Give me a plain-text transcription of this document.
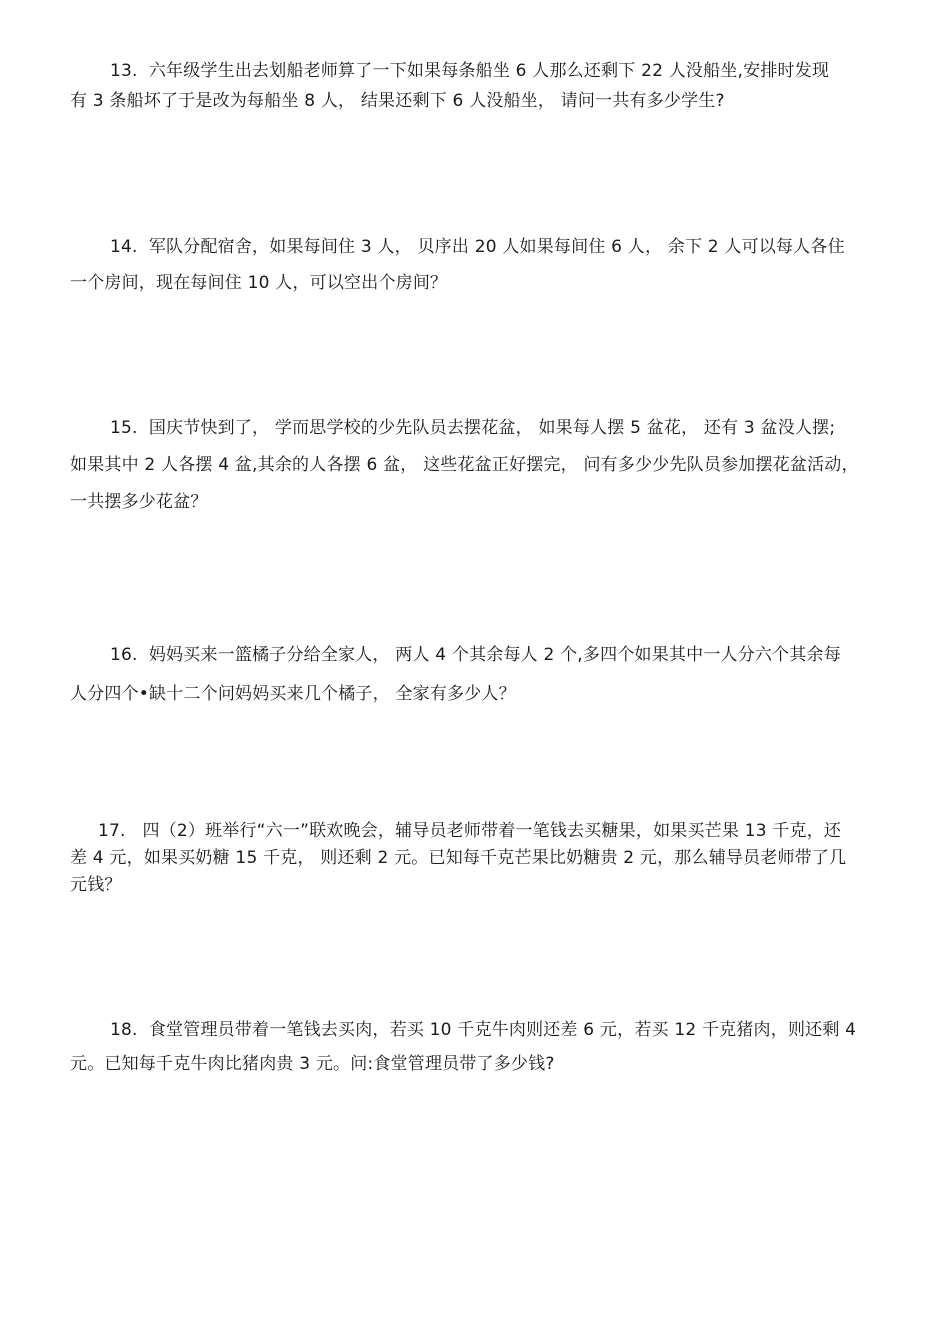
13. 六年级学生出去划船老师算了一下如果每条船坐 6 人那么还剩下 22 人没船坐,安排时发现
有 3 条船坏了于是改为每船坐 8 人， 结果还剩下 6 人没船坐， 请问一共有多少学生?
14. 军队分配宿舍，如果每间住 3 人， 贝序出 20 人如果每间住 6 人， 余下 2 人可以每人各住
一个房间，现在每间住 10 人，可以空出个房间？
15. 国庆节快到了， 学而思学校的少先队员去摆花盆， 如果每人摆 5 盆花， 还有 3 盆没人摆;
如果其中 2 人各摆 4 盆,其余的人各摆 6 盆， 这些花盆正好摆完， 问有多少少先队员参加摆花盆活动，
一共摆多少花盆？
16. 妈妈买来一篮橘子分给全家人， 两人 4 个其余每人 2 个,多四个如果其中一人分六个其余每
人分四个•缺十二个问妈妈买来几个橘子， 全家有多少人？
17. 四（2）班举行“六一”联欢晚会，辅导员老师带着一笔钱去买糖果，如果买芒果 13 千克，还
差 4 元，如果买奶糖 15 千克， 则还剩 2 元。已知每千克芒果比奶糖贵 2 元，那么辅导员老师带了几
元钱？
18. 食堂管理员带着一笔钱去买肉，若买 10 千克牛肉则还差 6 元，若买 12 千克猪肉，则还剩 4
元。已知每千克牛肉比猪肉贵 3 元。问:食堂管理员带了多少钱?
